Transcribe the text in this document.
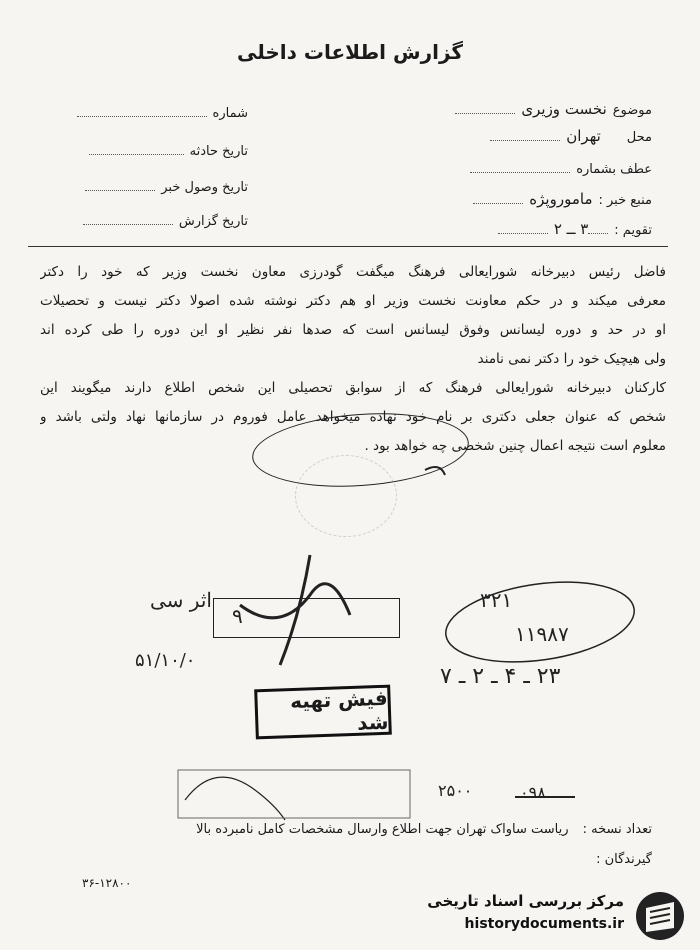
گزارش اطلاعات داخلی
موضوع
نخست وزیری
محل
تهران
عطف بشماره
منبع خبر :
ماموروپژه
تقویم :
۳ ــ ۲
شماره
تاریخ حادثه
تاریخ وصول خبر
تاریخ گزارش
فاضل رئیس دبیرخانه شورایعالی فرهنگ میگفت گودرزی معاون نخست وزیر که خود را دکتر
معرفی میکند و در حکم معاونت نخست وزیر او هم دکتر نوشته شده اصولا دکتر نیست و تحصیلات
او در حد و دوره لیسانس وفوق لیسانس است که صدها نفر نظیر او این دوره را طی کرده اند
ولی هیچیک خود را دکتر نمی نامند
کارکنان دبیرخانه شورایعالی فرهنگ که از سوابق تحصیلی این شخص اطلاع دارند میگویند این
شخص که عنوان جعلی دکتری بر نام خود نهاده میخواهد عامل فوروم در سازمانها نهاد ولتی باشد و
معلوم است نتیجه اعمال چنین شخصی چه خواهد بود .
۳۲۱
۱۱۹۸۷
۲۳ ـ ۴ ـ ۲ ـ ۷
۲۵۰۰	۰۹۸
اثر سی
۵۱/۱۰/۰
۹
فیش تهیه شد
تعداد نسخه : ریاست ساواک تهران جهت اطلاع وارسال مشخصات کامل نامبرده بالا
گیرندگان :
۳۶-۱۲۸۰۰
مرکز بررسی اسناد تاریخی
historydocuments.ir
